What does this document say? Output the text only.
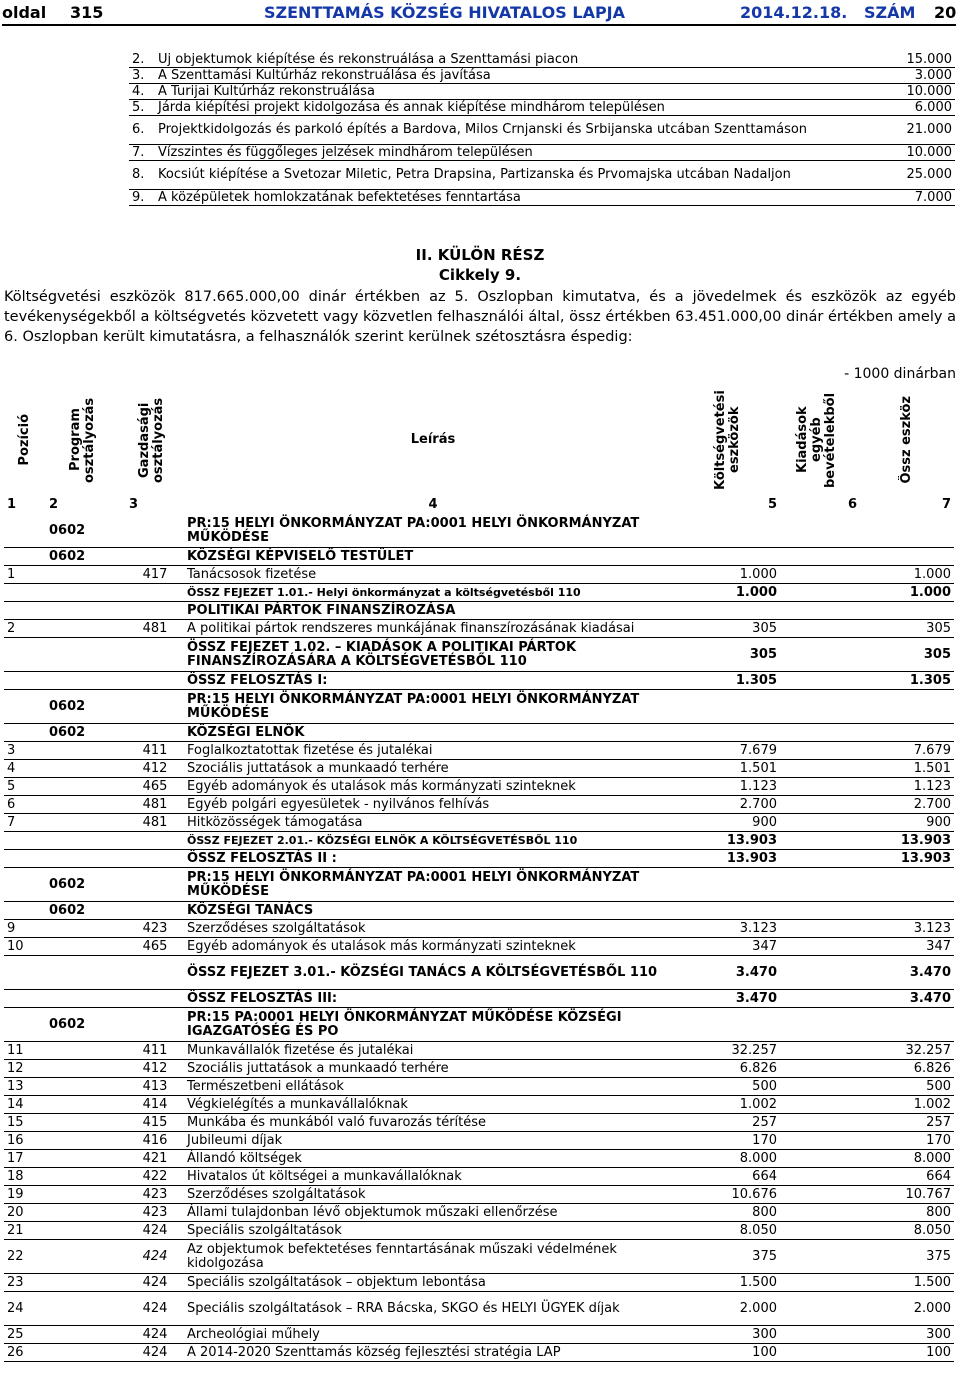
oldal 315	SZENTTAMÁS KÖZSÉG HIVATALOS LAPJA	2014.12.18. SZÁM 20
2.	Új objektumok kiépítése és rekonstruálása a Szenttamási piacon	15.000
3.	A Szenttamási Kultúrház rekonstruálása és javítása	3.000
4.	A Turijai Kultúrház rekonstruálása	10.000
5.	Járda kiépítési projekt kidolgozása és annak kiépítése mindhárom településen	6.000
6.	Projektkidolgozás és parkoló építés a Bardova, Milos Crnjanski és Srbijanska utcában Szenttamáson	21.000
7.	Vízszintes és függőleges jelzések mindhárom településen	10.000
8.	Kocsiút kiépítése a Svetozar Miletic, Petra Drapsina, Partizanska és Prvomajska utcában Nadaljon	25.000
9.	A középületek homlokzatának befektetéses fenntartása	7.000
II. KÜLÖN RÉSZ
Cikkely 9.
Költségvetési eszközök 817.665.000,00 dinár értékben az 5. Oszlopban kimutatva, és a jövedelmek és eszközök az egyéb tevékenységekből a költségvetés közvetett vagy közvetlen felhasználói által, össz értékben 63.451.000,00 dinár értékben amely a 6. Oszlopban került kimutatásra, a felhasználók szerint kerülnek szétosztásra éspedig:
- 1000 dinárban
Pozíció	Program osztályozás	Gazdasági osztályozás	Leírás	Költségvetési eszközök	Kiadások egyéb bevételekből	Össz eszköz

1	2	3	4	5	6	7
	0602		PR:15 HELYI ÖNKORMÁNYZAT PA:0001 HELYI ÖNKORMÁNYZAT MŰKÖDÉSE			
	0602		KÖZSÉGI KÉPVISELŐ TESTÜLET			
1		417	Tanácsosok fizetése	1.000		1.000
			ÖSSZ FEJEZET 1.01.- Helyi önkormányzat a költségvetésből 110	1.000		1.000
			POLITIKAI PÁRTOK FINANSZÍROZÁSA			
2		481	A politikai pártok rendszeres munkájának finanszírozásának kiadásai	305		305
			ÖSSZ FEJEZET 1.02. – KIADÁSOK A POLITIKAI PÁRTOK FINANSZÍROZÁSÁRA A KÖLTSÉGVETÉSBŐL 110	305		305
			ÖSSZ FELOSZTÁS I:	1.305		1.305
	0602		PR:15 HELYI ÖNKORMÁNYZAT PA:0001 HELYI ÖNKORMÁNYZAT MŰKÖDÉSE			
	0602		KÖZSÉGI ELNÖK			
3		411	Foglalkoztatottak fizetése és jutalékai	7.679		7.679
4		412	Szociális juttatások a munkaadó terhére	1.501		1.501
5		465	Egyéb adományok és utalások más kormányzati szinteknek	1.123		1.123
6		481	Egyéb polgári egyesületek - nyilvános felhívás	2.700		2.700
7		481	Hitközösségek támogatása	900		900
			ÖSSZ FEJEZET 2.01.- KÖZSÉGI ELNÖK A KÖLTSÉGVETÉSBŐL 110	13.903		13.903
			ÖSSZ FELOSZTÁS II :	13.903		13.903
	0602		PR:15 HELYI ÖNKORMÁNYZAT PA:0001 HELYI ÖNKORMÁNYZAT MŰKÖDÉSE			
	0602		KÖZSÉGI TANÁCS			
9		423	Szerződéses szolgáltatások	3.123		3.123
10		465	Egyéb adományok és utalások más kormányzati szinteknek	347		347
			ÖSSZ FEJEZET 3.01.- KÖZSÉGI TANÁCS A KÖLTSÉGVETÉSBŐL 110	3.470		3.470
			ÖSSZ FELOSZTÁS III:	3.470		3.470
	0602		PR:15 PA:0001 HELYI ÖNKORMÁNYZAT MŰKÖDÉSE KÖZSÉGI IGAZGATÓSÉG ÉS PO			
11		411	Munkavállalók fizetése és jutalékai	32.257		32.257
12		412	Szociális juttatások a munkaadó terhére	6.826		6.826
13		413	Természetbeni ellátások	500		500
14		414	Végkielégítés a munkavállalóknak	1.002		1.002
15		415	Munkába és munkából való fuvarozás térítése	257		257
16		416	Jubileumi díjak	170		170
17		421	Állandó költségek	8.000		8.000
18		422	Hivatalos út költségei a munkavállalóknak	664		664
19		423	Szerződéses szolgáltatások	10.676		10.767
20		423	Állami tulajdonban lévő objektumok műszaki ellenőrzése	800		800
21		424	Speciális szolgáltatások	8.050		8.050
22		424	Az objektumok befektetéses fenntartásának műszaki védelmének kidolgozása	375		375
23		424	Speciális szolgáltatások – objektum lebontása	1.500		1.500
24		424	Speciális szolgáltatások – RRA Bácska, SKGO és HELYI ÜGYEK díjak	2.000		2.000
25		424	Archeológiai műhely	300		300
26		424	A 2014-2020 Szenttamás község fejlesztési stratégia LAP	100		100
